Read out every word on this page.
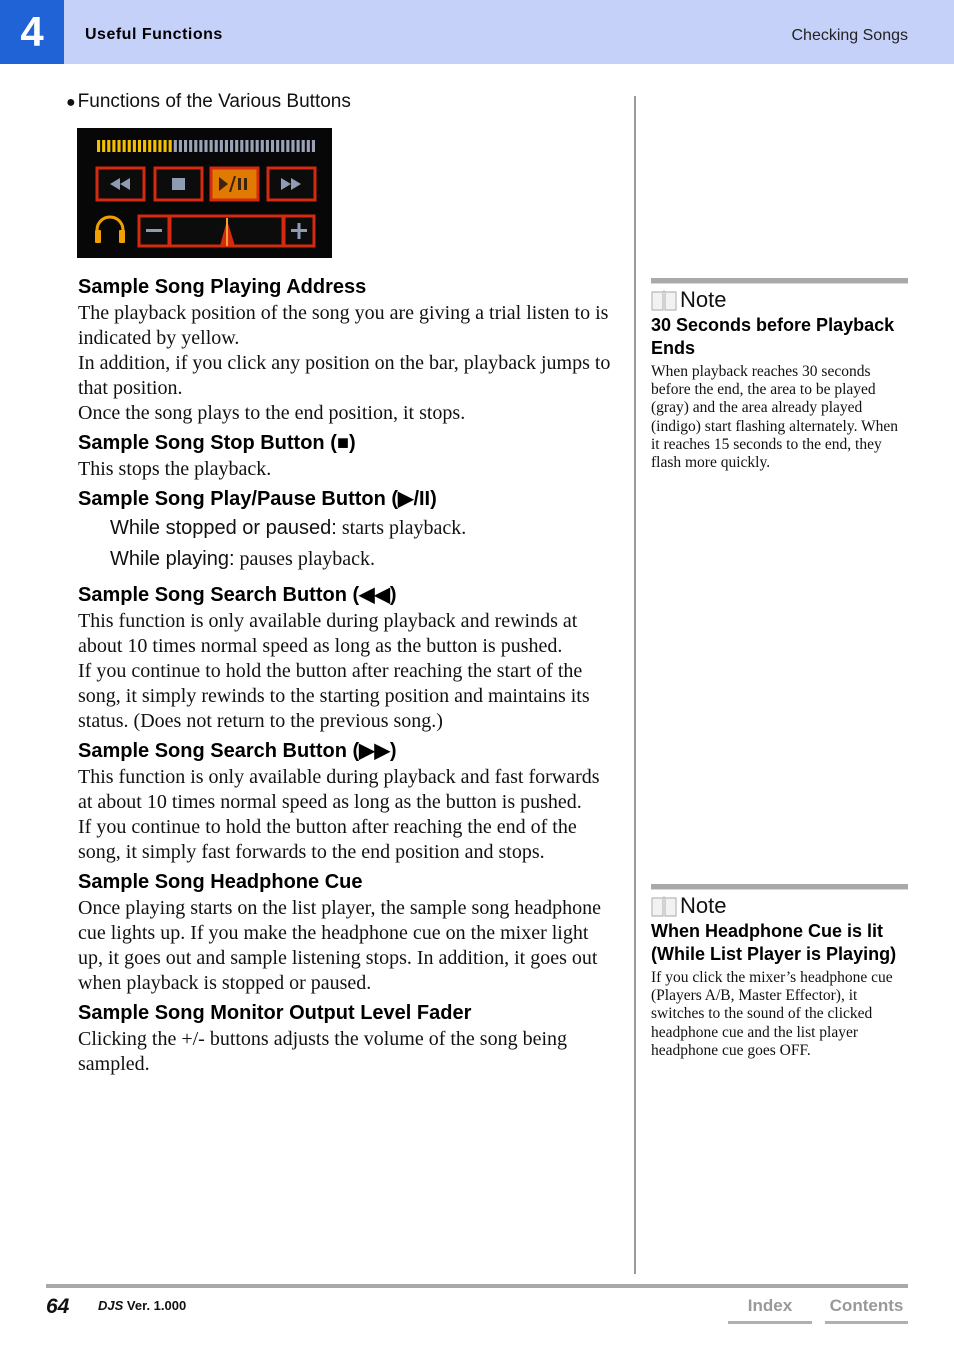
4	Useful Functions	Checking Songs
● Functions of the Various Buttons
Sample Song Playing Address

The playback position of the song you are giving a trial listen to is indicated by yellow.

In addition, if you click any position on the bar, playback jumps to that position.

Once the song plays to the end position, it stops.

Sample Song Stop Button (■)

This stops the playback.

Sample Song Play/Pause Button (▶/II)

While stopped or paused: starts playback.

While playing: pauses playback.

Sample Song Search Button (◀◀)

This function is only available during playback and rewinds at about 10 times normal speed as long as the button is pushed.

If you continue to hold the button after reaching the start of the song, it simply rewinds to the starting position and maintains its status. (Does not return to the previous song.)

Sample Song Search Button (▶▶)

This function is only available during playback and fast forwards at about 10 times normal speed as long as the button is pushed.

If you continue to hold the button after reaching the end of the song, it simply fast forwards to the end position and stops.

Sample Song Headphone Cue

Once playing starts on the list player, the sample song headphone cue lights up. If you make the headphone cue on the mixer light up, it goes out and sample listening stops. In addition, it goes out when playback is stopped or paused.

Sample Song Monitor Output Level Fader

Clicking the +/- buttons adjusts the volume of the song being sampled.

Note
30 Seconds before Playback Ends
When playback reaches 30 seconds before the end, the area to be played (gray) and the area already played (indigo) start flashing alternately. When it reaches 15 seconds to the end, they flash more quickly.
Note
When Headphone Cue is lit (While List Player is Playing)
If you click the mixer’s headphone cue (Players A/B, Master Effector), it switches to the sound of the clicked headphone cue and the list player headphone cue goes OFF.
64 DJS Ver. 1.000	Index	Contents
